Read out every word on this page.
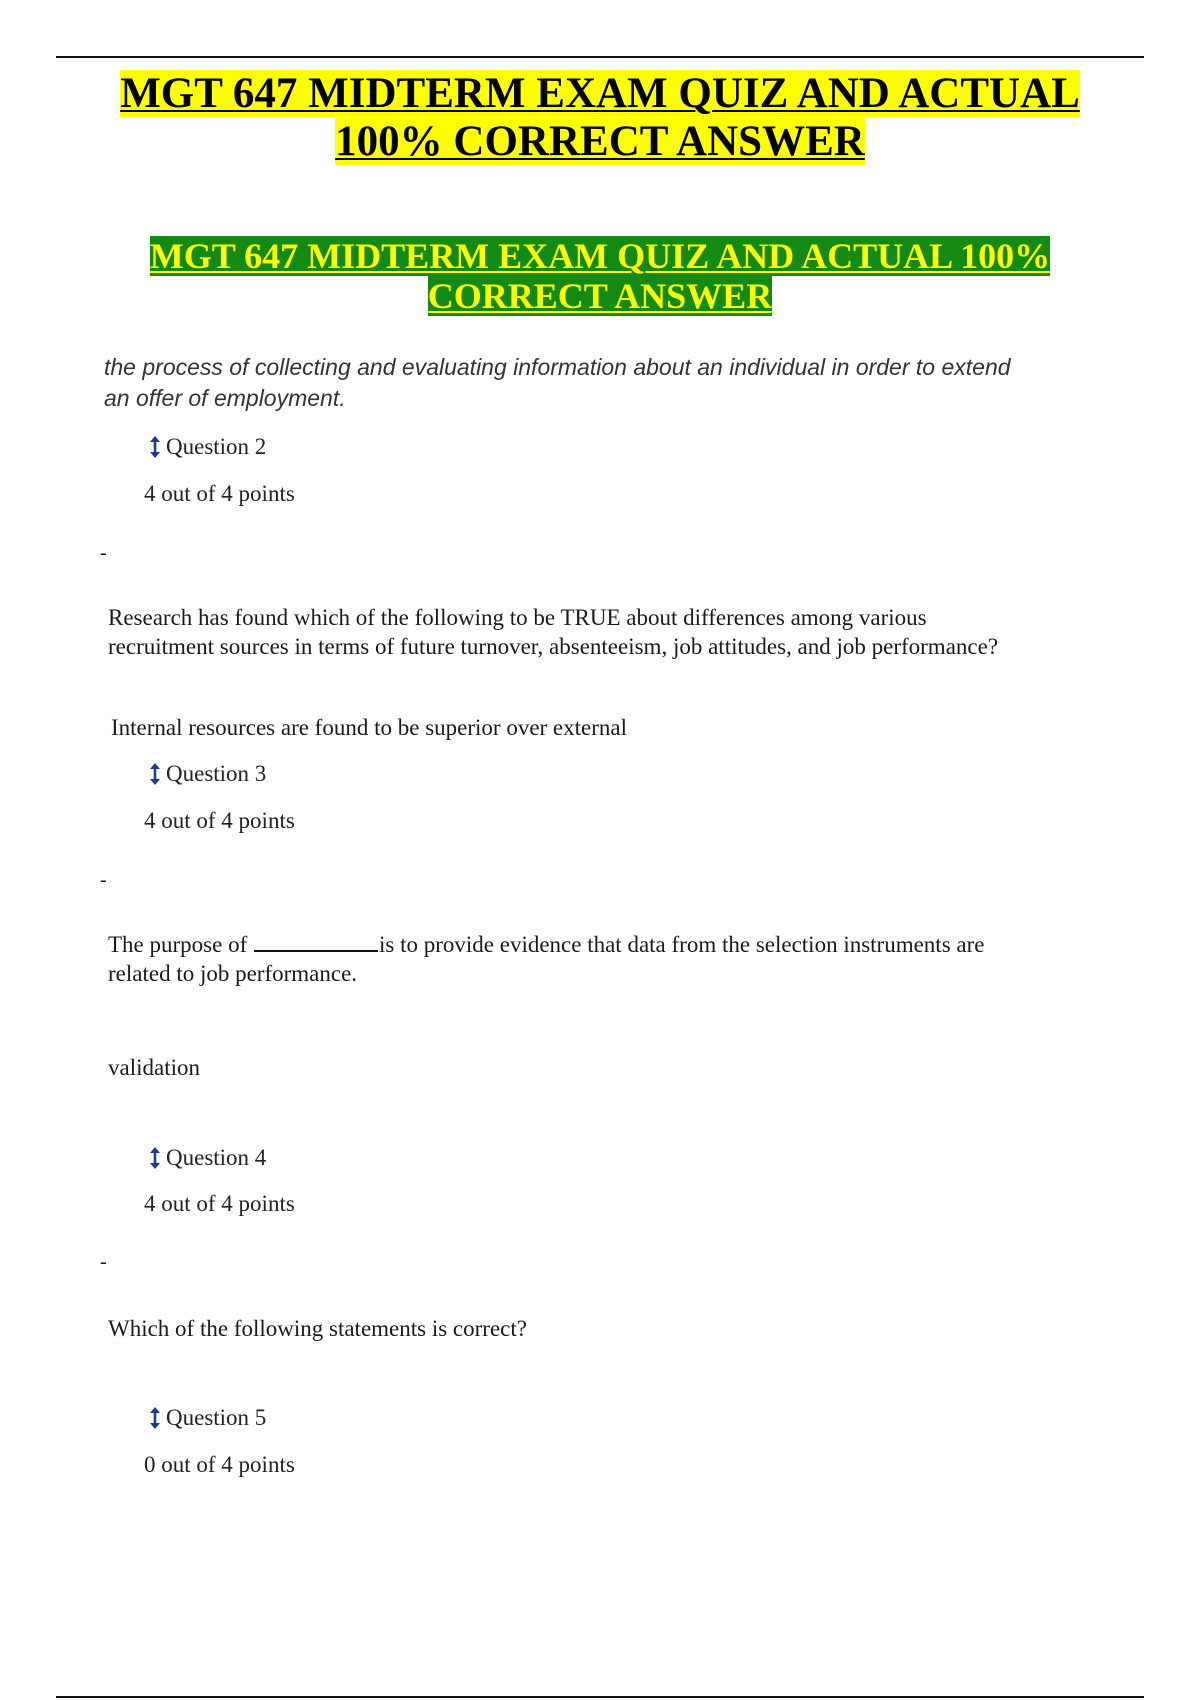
MGT 647 MIDTERM EXAM QUIZ AND ACTUAL
100% CORRECT ANSWER
MGT 647 MIDTERM EXAM QUIZ AND ACTUAL 100%
CORRECT ANSWER
the process of collecting and evaluating information about an individual in order to extend an offer of employment.
Question 2
4 out of 4 points
-
Research has found which of the following to be TRUE about differences among various recruitment sources in terms of future turnover, absenteeism, job attitudes, and job performance?
Internal resources are found to be superior over external
Question 3
4 out of 4 points
-
The purpose of	is to provide evidence that data from the selection instruments are related to job performance.
validation
Question 4
4 out of 4 points
-
Which of the following statements is correct?
Question 5
0 out of 4 points
